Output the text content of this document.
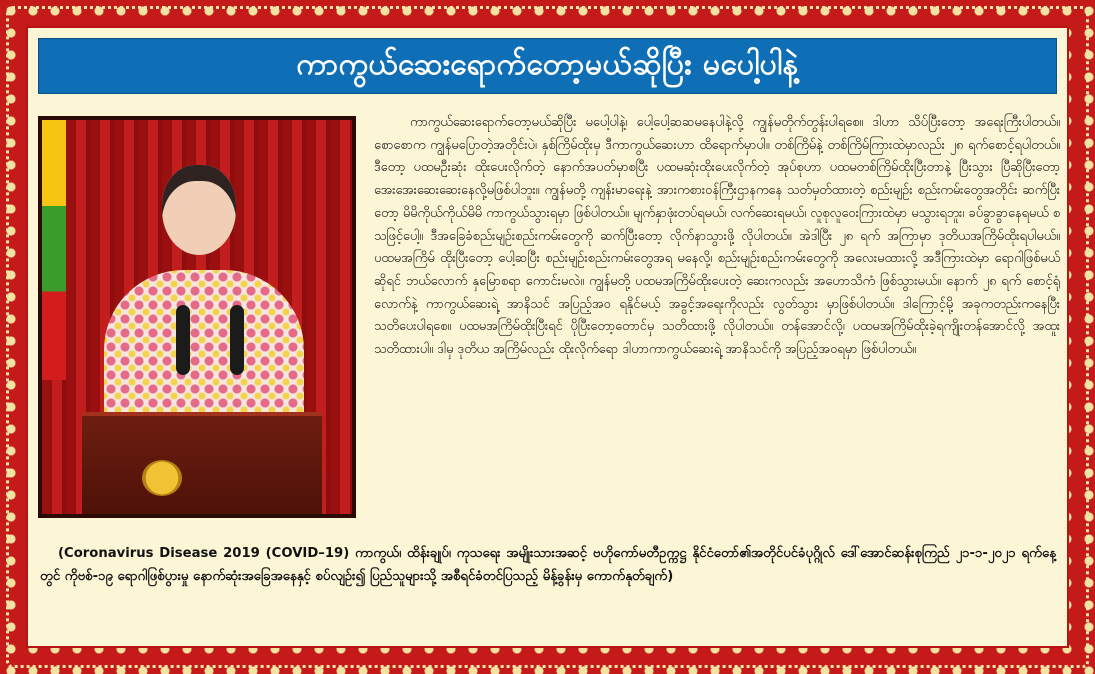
ကာကွယ်ဆေးရောက်တော့မယ်ဆိုပြီး မပေါ့ပါနဲ့
ကာကွယ်ဆေးရောက်တော့မယ်ဆိုပြီး မပေါ့ပါနဲ့၊ ပေါ့ပေါ့ဆဆမနေပါနဲ့လို့ ကျွန်မတိုက်တွန်းပါရစေ။ ဒါဟာ သိပ်ပြီးတော့ အရေးကြီးပါတယ်။ စောစောက ကျွန်မပြောတဲ့အတိုင်းပဲ၊ နှစ်ကြိမ်ထိုးမှ ဒီကာကွယ်ဆေးဟာ ထိရောက်မှာပါ။ တစ်ကြိမ်နဲ့ တစ်ကြိမ်ကြားထဲမှာလည်း ၂၈ ရက်စောင့်ရပါတယ်။ ဒီတော့ ပထမဦးဆုံး ထိုးပေးလိုက်တဲ့ နောက်အပတ်မှာစပြီး ပထမဆုံးထိုးပေးလိုက်တဲ့ အုပ်စုဟာ ပထမတစ်ကြိမ်ထိုးပြီးတာနဲ့ ပြီးသွား ပြီဆိုပြီးတော့ အေးအေးဆေးဆေးနေလို့မဖြစ်ပါဘူး။ ကျွန်မတို့ ကျန်းမာရေးနဲ့ အားကစားဝန်ကြီးဌာနကနေ သတ်မှတ်ထားတဲ့ စည်းမျဉ်း စည်းကမ်းတွေအတိုင်း ဆက်ပြီးတော့ မိမိကိုယ်ကိုယ်မိမိ ကာကွယ်သွားရမှာ ဖြစ်ပါတယ်။ မျက်နှာဖုံးတပ်ရမယ်၊ လက်ဆေးရမယ်၊ လူစုလူဝေးကြားထဲမှာ မသွားရဘူး၊ ခပ်ခွာခွာနေရမယ် စသဖြင့်ပေါ့။ ဒီအခြေခံစည်းမျဉ်းစည်းကမ်းတွေကို ဆက်ပြီးတော့ လိုက်နာသွားဖို့ လိုပါတယ်။ အဲဒါပြီး ၂၈ ရက် အကြာမှာ ဒုတိယအကြိမ်ထိုးရပါမယ်။ ပထမအကြိမ် ထိုးပြီးတော့ ပေါ့ဆပြီး စည်းမျဉ်းစည်းကမ်းတွေအရ မနေလို့၊ စည်းမျဉ်းစည်းကမ်းတွေကို အလေးမထားလို့ အဒီကြားထဲမှာ ရောဂါဖြစ်မယ်ဆိုရင် ဘယ်လောက် နှမြောစရာ ကောင်းမလဲ။ ကျွန်မတို့ ပထမအကြိမ်ထိုးပေးတဲ့ ဆေးကလည်း အဟောသိကံ ဖြစ်သွားမယ်။ နောက် ၂၈ ရက် စောင့်ရုံလောက်နဲ့ ကာကွယ်ဆေးရဲ့ အာနိသင် အပြည့်အဝ ရနိုင်မယ့် အခွင့်အရေးကိုလည်း လွတ်သွား မှာဖြစ်ပါတယ်။ ဒါကြောင့်မို့ အခုကတည်းကနေပြီး သတိပေးပါရစေ။ ပထမအကြိမ်ထိုးပြီးရင် ပိုပြီးတော့တောင်မှ သတိထားဖို့ လိုပါတယ်။ တန်အောင်လို့၊ ပထမအကြိမ်ထိုးခဲ့ရကျိုးတန်အောင်လို့ အထူးသတိထားပါ။ ဒါမှ ဒုတိယ အကြိမ်လည်း ထိုးလိုက်ရော ဒါဟာကာကွယ်ဆေးရဲ့ အာနိသင်ကို အပြည့်အဝရမှာ ဖြစ်ပါတယ်။
(Coronavirus Disease 2019 (COVID–19) ကာကွယ်၊ ထိန်းချုပ်၊ ကုသရေး အမျိုးသားအဆင့် ဗဟိုကော်မတီဥက္ကဋ္ဌ နိုင်ငံတော်၏အတိုင်ပင်ခံပုဂ္ဂိုလ် ဒေါ်အောင်ဆန်းစုကြည် ၂၁-၁-၂၀၂၁ ရက်နေ့တွင် ကိုဗစ်-၁၉ ရောဂါဖြစ်ပွားမှု နောက်ဆုံးအခြေအနေနှင့် စပ်လျဉ်း၍ ပြည်သူများသို့ အစီရင်ခံတင်ပြသည့် မိန့်ခွန်းမှ ကောက်နုတ်ချက်)
